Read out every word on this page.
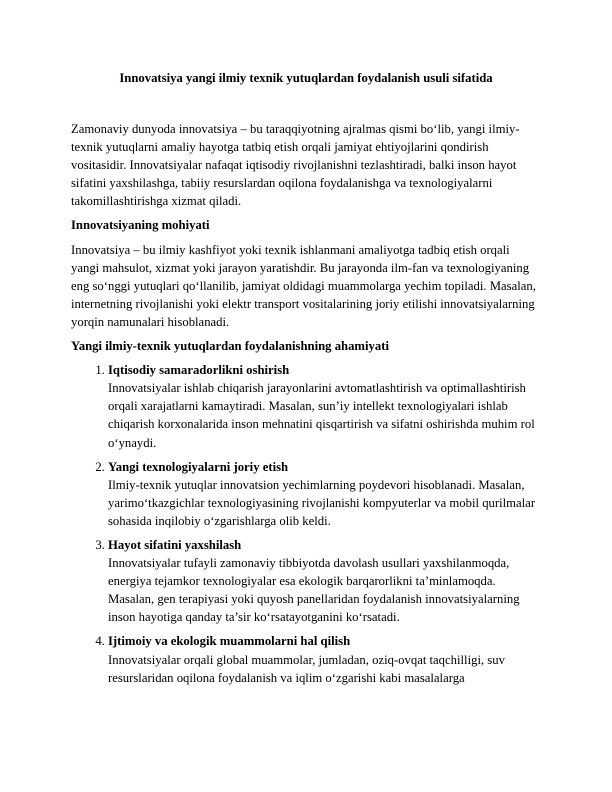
Innovatsiya yangi ilmiy texnik yutuqlardan foydalanish usuli sifatida

Zamonaviy dunyoda innovatsiya – bu taraqqiyotning ajralmas qismi bo‘lib, yangi ilmiy-texnik yutuqlarni amaliy hayotga tatbiq etish orqali jamiyat ehtiyojlarini qondirish vositasidir. Innovatsiyalar nafaqat iqtisodiy rivojlanishni tezlashtiradi, balki inson hayot sifatini yaxshilashga, tabiiy resurslardan oqilona foydalanishga va texnologiyalarni takomillashtirishga xizmat qiladi.

Innovatsiyaning mohiyati

Innovatsiya – bu ilmiy kashfiyot yoki texnik ishlanmani amaliyotga tadbiq etish orqali yangi mahsulot, xizmat yoki jarayon yaratishdir. Bu jarayonda ilm-fan va texnologiyaning eng so‘nggi yutuqlari qo‘llanilib, jamiyat oldidagi muammolarga yechim topiladi. Masalan, internetning rivojlanishi yoki elektr transport vositalarining joriy etilishi innovatsiyalarning yorqin namunalari hisoblanadi.

Yangi ilmiy-texnik yutuqlardan foydalanishning ahamiyati
1. Iqtisodiy samaradorlikni oshirish
Innovatsiyalar ishlab chiqarish jarayonlarini avtomatlashtirish va optimallashtirish orqali xarajatlarni kamaytiradi. Masalan, sun’iy intellekt texnologiyalari ishlab chiqarish korxonalarida inson mehnatini qisqartirish va sifatni oshirishda muhim rol o‘ynaydi.
2. Yangi texnologiyalarni joriy etish
Ilmiy-texnik yutuqlar innovatsion yechimlarning poydevori hisoblanadi. Masalan, yarimo‘tkazgichlar texnologiyasining rivojlanishi kompyuterlar va mobil qurilmalar sohasida inqilobiy o‘zgarishlarga olib keldi.
3. Hayot sifatini yaxshilash
Innovatsiyalar tufayli zamonaviy tibbiyotda davolash usullari yaxshilanmoqda, energiya tejamkor texnologiyalar esa ekologik barqarorlikni ta’minlamoqda. Masalan, gen terapiyasi yoki quyosh panellaridan foydalanish innovatsiyalarning inson hayotiga qanday ta’sir ko‘rsatayotganini ko‘rsatadi.
4. Ijtimoiy va ekologik muammolarni hal qilish
Innovatsiyalar orqali global muammolar, jumladan, oziq-ovqat taqchilligi, suv resurslaridan oqilona foydalanish va iqlim o‘zgarishi kabi masalalarga
